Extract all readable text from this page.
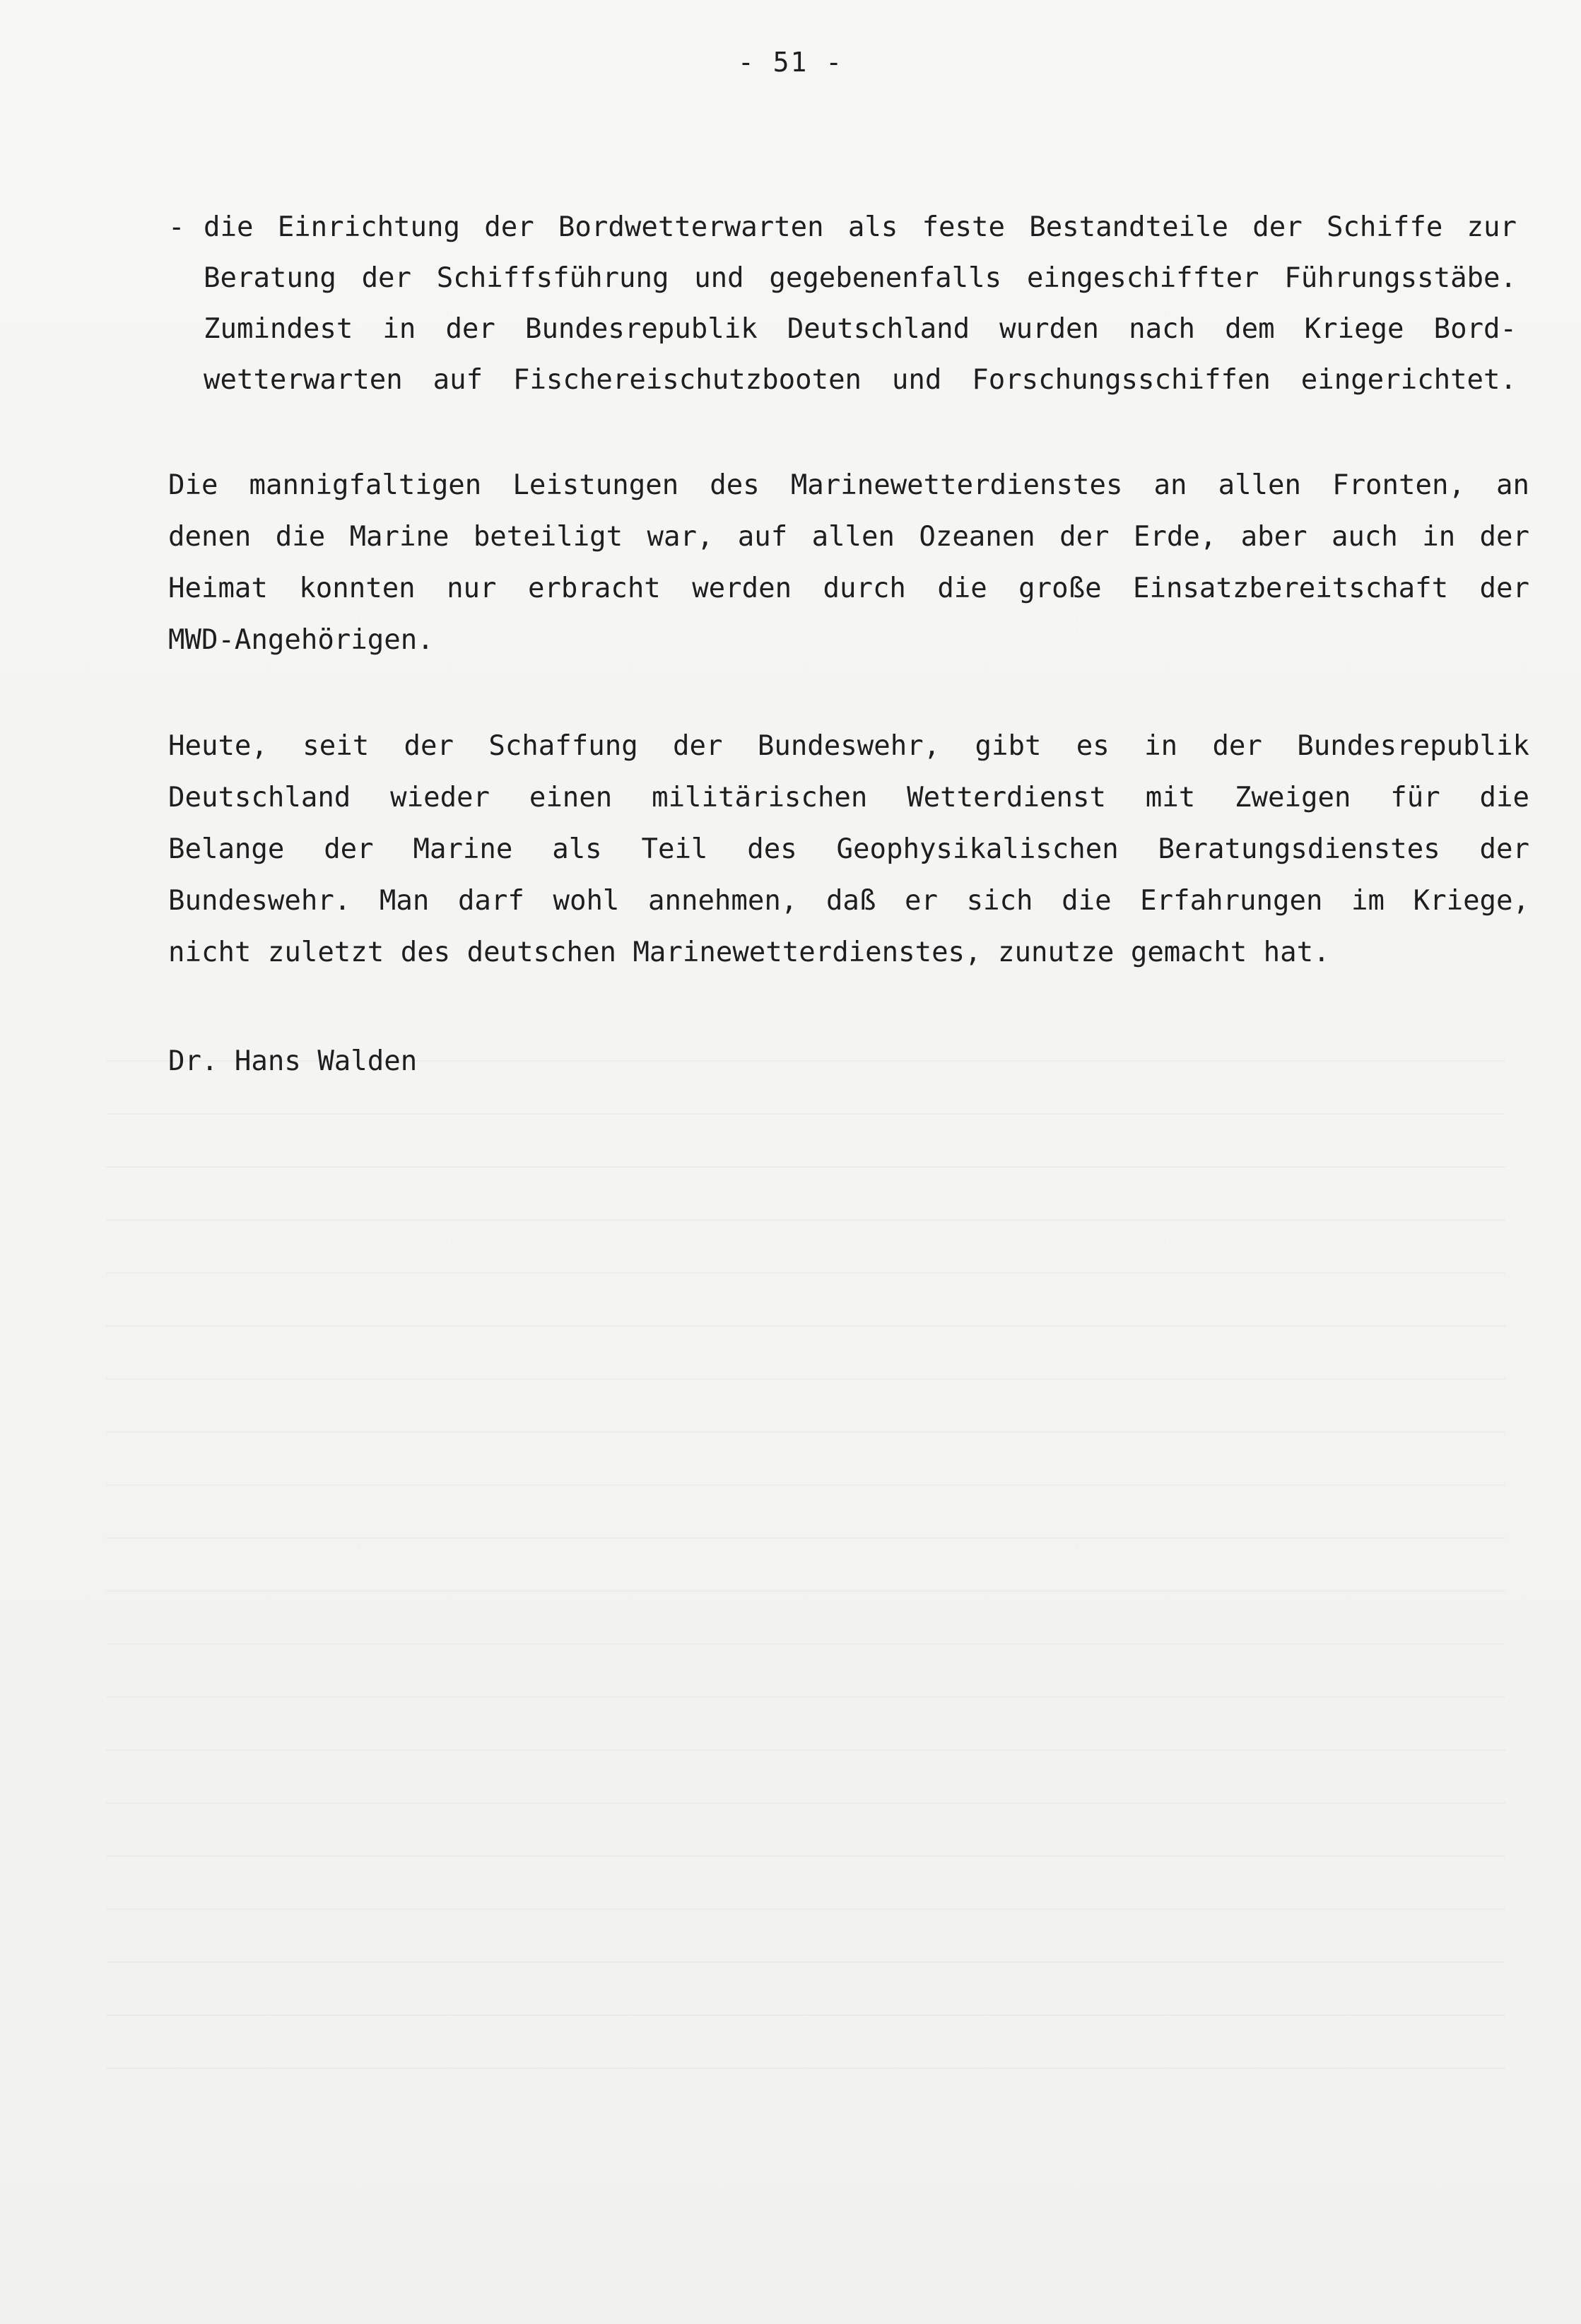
- 51 -
- die Einrichtung der Bordwetterwarten als feste Bestandteile der Schiffe zur
Beratung der Schiffsführung und gegebenenfalls eingeschiffter Führungsstäbe.
Zumindest in der Bundesrepublik Deutschland wurden nach dem Kriege Bord-
wetterwarten auf Fischereischutzbooten und Forschungsschiffen eingerichtet.
Die mannigfaltigen Leistungen des Marinewetterdienstes an allen Fronten, an
denen die Marine beteiligt war, auf allen Ozeanen der Erde, aber auch in der
Heimat konnten nur erbracht werden durch die große Einsatzbereitschaft der
MWD-Angehörigen.
Heute, seit der Schaffung der Bundeswehr, gibt es in der Bundesrepublik
Deutschland wieder einen militärischen Wetterdienst mit Zweigen für die
Belange der Marine als Teil des Geophysikalischen Beratungsdienstes der
Bundeswehr. Man darf wohl annehmen, daß er sich die Erfahrungen im Kriege,
nicht zuletzt des deutschen Marinewetterdienstes, zunutze gemacht hat.
Dr. Hans Walden
